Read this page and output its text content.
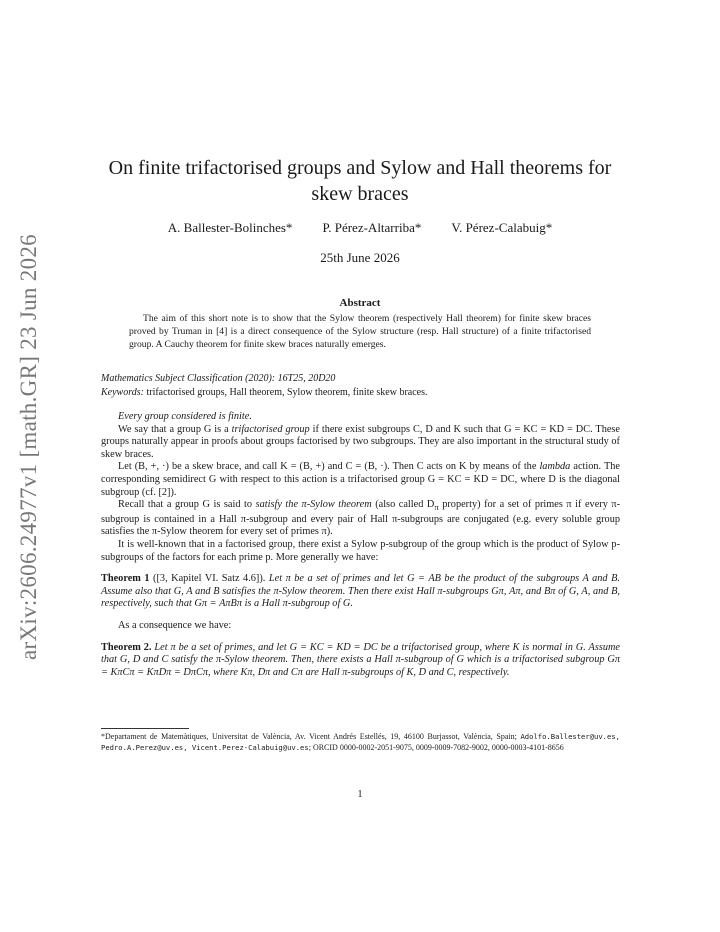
arXiv:2606.24977v1 [math.GR] 23 Jun 2026
On finite trifactorised groups and Sylow and Hall theorems for skew braces
A. Ballester-Bolinches* P. Pérez-Altarriba* V. Pérez-Calabuig*
25th June 2026
Abstract
The aim of this short note is to show that the Sylow theorem (respectively Hall theorem) for finite skew braces proved by Truman in [4] is a direct consequence of the Sylow structure (resp. Hall structure) of a finite trifactorised group. A Cauchy theorem for finite skew braces naturally emerges.
Mathematics Subject Classification (2020): 16T25, 20D20
Keywords: trifactorised groups, Hall theorem, Sylow theorem, finite skew braces.

Every group considered is finite.

We say that a group G is a trifactorised group if there exist subgroups C, D and K such that G = KC = KD = DC. These groups naturally appear in proofs about groups factorised by two subgroups. They are also important in the structural study of skew braces.

Let (B, +, ·) be a skew brace, and call K = (B, +) and C = (B, ·). Then C acts on K by means of the lambda action. The corresponding semidirect G with respect to this action is a trifactorised group G = KC = KD = DC, where D is the diagonal subgroup (cf. [2]).

Recall that a group G is said to satisfy the π-Sylow theorem (also called $D_\pi$ property) for a set of primes π if every π-subgroup is contained in a Hall π-subgroup and every pair of Hall π-subgroups are conjugated (e.g. every soluble group satisfies the π-Sylow theorem for every set of primes π).

It is well-known that in a factorised group, there exist a Sylow p-subgroup of the group which is the product of Sylow p-subgroups of the factors for each prime p. More generally we have:

Theorem 1 ([3, Kapitel VI. Satz 4.6]). Let π be a set of primes and let G = AB be the product of the subgroups A and B. Assume also that G, A and B satisfies the π-Sylow theorem. Then there exist Hall π-subgroups Gπ, Aπ, and Bπ of G, A, and B, respectively, such that Gπ = AπBπ is a Hall π-subgroup of G.

As a consequence we have:

Theorem 2. Let π be a set of primes, and let G = KC = KD = DC be a trifactorised group, where K is normal in G. Assume that G, D and C satisfy the π-Sylow theorem. Then, there exists a Hall π-subgroup of G which is a trifactorised subgroup Gπ = KπCπ = KπDπ = DπCπ, where Kπ, Dπ and Cπ are Hall π-subgroups of K, D and C, respectively.

*Departament de Matemàtiques, Universitat de València, Av. Vicent Andrés Estellés, 19, 46100 Burjassot, València, Spain; Adolfo.Ballester@uv.es, Pedro.A.Perez@uv.es, Vicent.Perez-Calabuig@uv.es; ORCID 0000-0002-2051-9075, 0009-0009-7082-9002, 0000-0003-4101-8656
1
